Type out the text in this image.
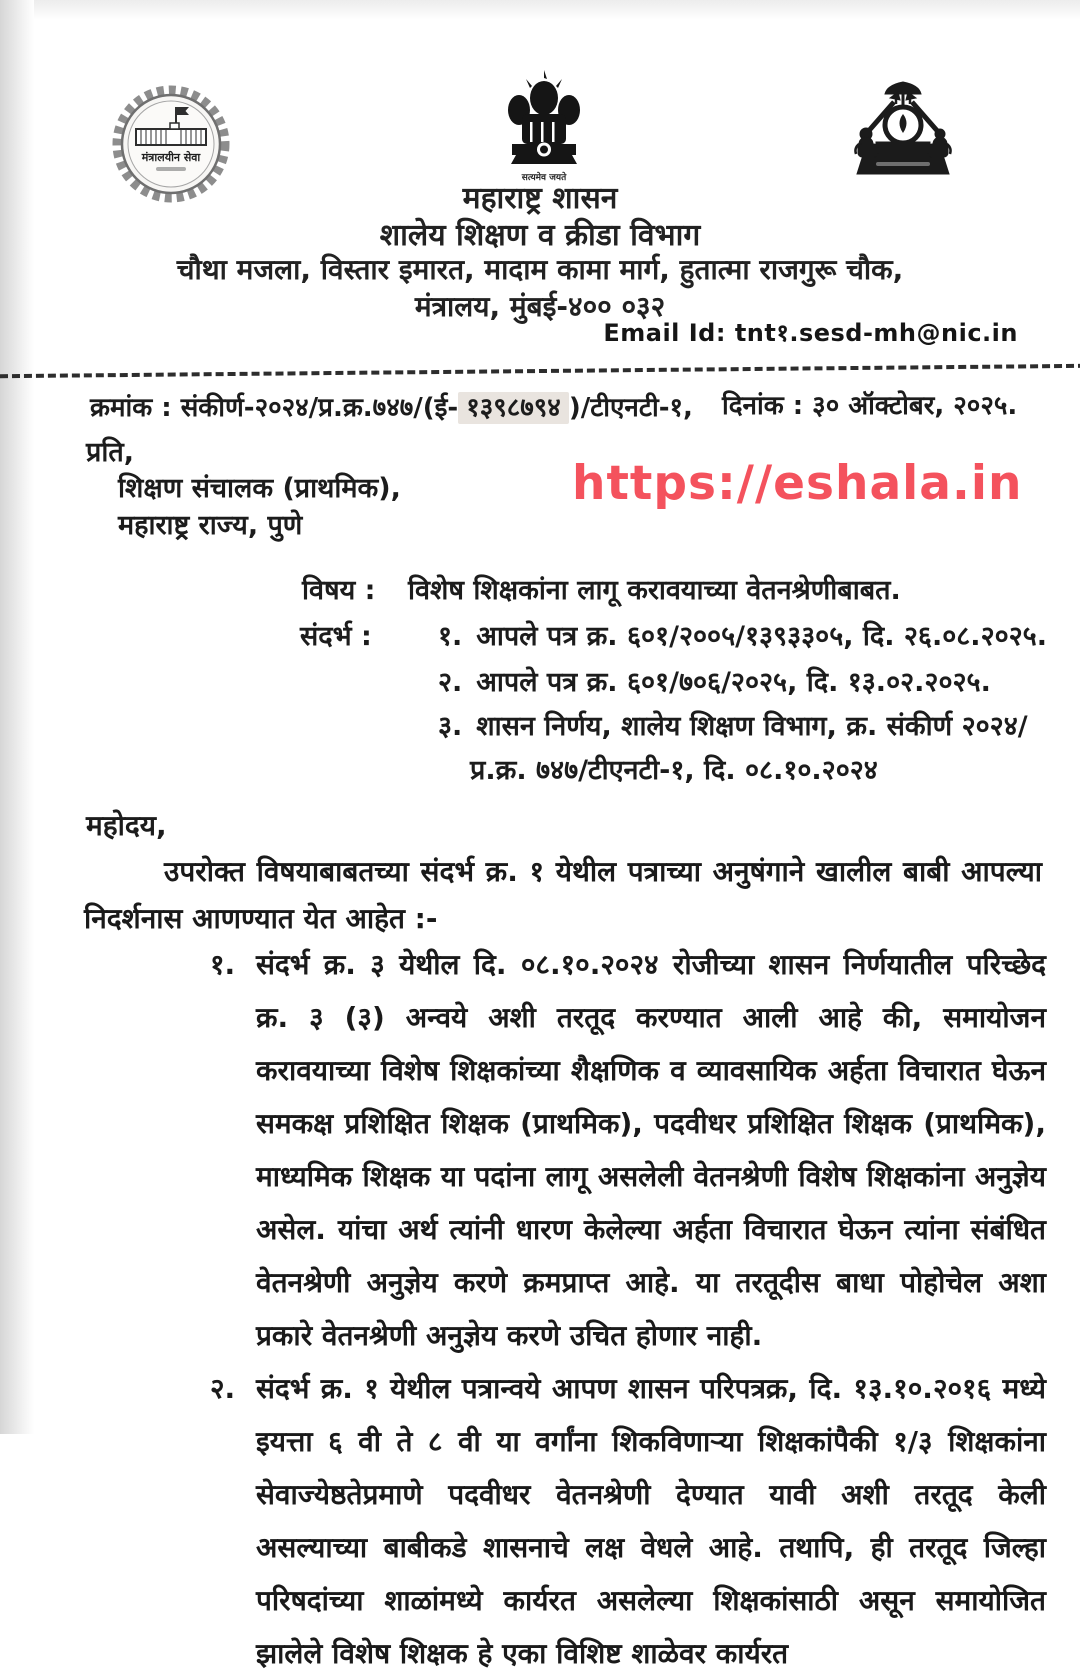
मंत्रालयीन सेवा
सत्यमेव जयते
महाराष्ट्र शासन
शालेय शिक्षण व क्रीडा विभाग
चौथा मजला, विस्तार इमारत, मादाम कामा मार्ग, हुतात्मा राजगुरू चौक,
मंत्रालय, मुंबई-४०० ०३२
Email Id: tnt१.sesd-mh@nic.in
क्रमांक : संकीर्ण-२०२४/प्र.क्र.७४७/(ई- १३९८७९४ )/टीएनटी-१, दिनांक : ३० ऑक्टोबर, २०२५.
प्रति,
शिक्षण संचालक (प्राथमिक),
महाराष्ट्र राज्य, पुणे
https://eshala.in
विषय : विशेष शिक्षकांना लागू करावयाच्या वेतनश्रेणीबाबत.
संदर्भ : १. आपले पत्र क्र. ६०१/२००५/१३९३३०५, दि. २६.०८.२०२५.
२. आपले पत्र क्र. ६०१/७०६/२०२५, दि. १३.०२.२०२५.
३. शासन निर्णय, शालेय शिक्षण विभाग, क्र. संकीर्ण २०२४/
प्र.क्र. ७४७/टीएनटी-१, दि. ०८.१०.२०२४
महोदय,
उपरोक्त विषयाबाबतच्या संदर्भ क्र. १ येथील पत्राच्या अनुषंगाने खालील बाबी आपल्या निदर्शनास आणण्यात येत आहेत :-
१. संदर्भ क्र. ३ येथील दि. ०८.१०.२०२४ रोजीच्या शासन निर्णयातील परिच्छेद क्र. ३ (३) अन्वये अशी तरतूद करण्यात आली आहे की, समायोजन करावयाच्या विशेष शिक्षकांच्या शैक्षणिक व व्यावसायिक अर्हता विचारात घेऊन समकक्ष प्रशिक्षित शिक्षक (प्राथमिक), पदवीधर प्रशिक्षित शिक्षक (प्राथमिक), माध्यमिक शिक्षक या पदांना लागू असलेली वेतनश्रेणी विशेष शिक्षकांना अनुज्ञेय असेल. यांचा अर्थ त्यांनी धारण केलेल्या अर्हता विचारात घेऊन त्यांना संबंधित वेतनश्रेणी अनुज्ञेय करणे क्रमप्राप्त आहे. या तरतूदीस बाधा पोहोचेल अशा प्रकारे वेतनश्रेणी अनुज्ञेय करणे उचित होणार नाही.
२. संदर्भ क्र. १ येथील पत्रान्वये आपण शासन परिपत्रक्र, दि. १३.१०.२०१६ मध्ये इयत्ता ६ वी ते ८ वी या वर्गांना शिकविणाऱ्या शिक्षकांपैकी १/३ शिक्षकांना सेवाज्येष्ठतेप्रमाणे पदवीधर वेतनश्रेणी देण्यात यावी अशी तरतूद केली असल्याच्या बाबीकडे शासनाचे लक्ष वेधले आहे. तथापि, ही तरतूद जिल्हा परिषदांच्या शाळांमध्ये कार्यरत असलेल्या शिक्षकांसाठी असून समायोजित झालेले विशेष शिक्षक हे एका विशिष्ट शाळेवर कार्यरत
